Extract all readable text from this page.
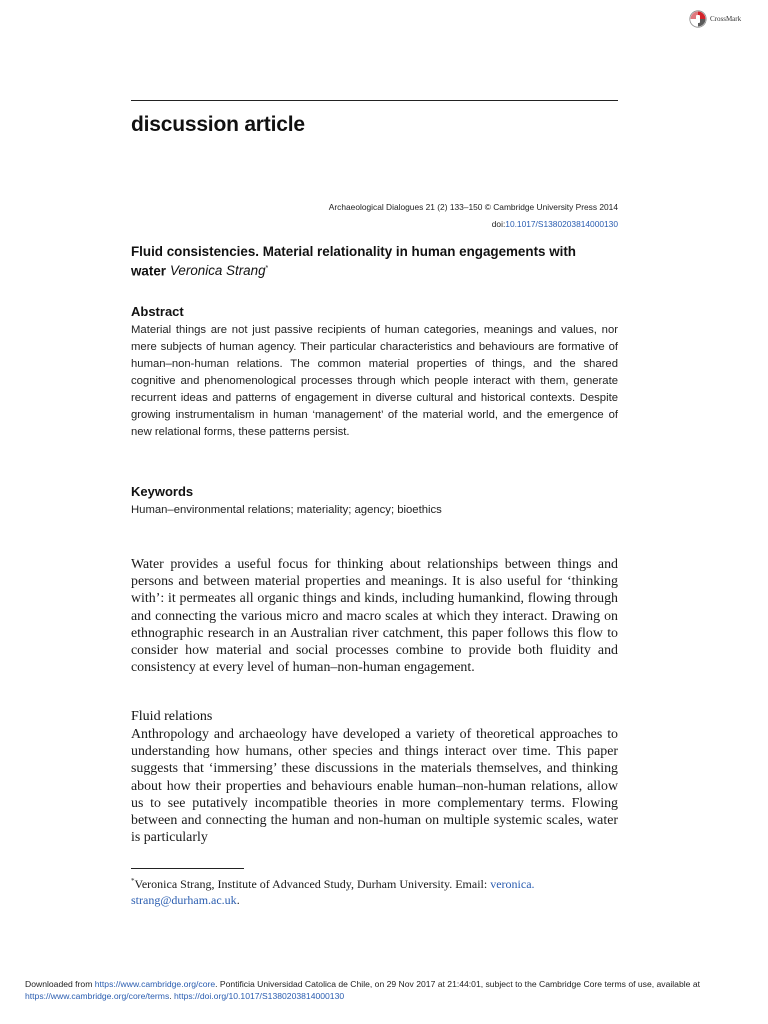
CrossMark
discussion article
Archaeological Dialogues 21 (2) 133–150 © Cambridge University Press 2014
doi:10.1017/S1380203814000130
Fluid consistencies. Material relationality in human engagements with water Veronica Strang*
Abstract
Material things are not just passive recipients of human categories, meanings and values, nor mere subjects of human agency. Their particular characteristics and behaviours are formative of human–non-human relations. The common material properties of things, and the shared cognitive and phenomenological processes through which people interact with them, generate recurrent ideas and patterns of engagement in diverse cultural and historical contexts. Despite growing instrumentalism in human ‘management’ of the material world, and the emergence of new relational forms, these patterns persist.
Keywords
Human–environmental relations; materiality; agency; bioethics
Water provides a useful focus for thinking about relationships between things and persons and between material properties and meanings. It is also useful for ‘thinking with’: it permeates all organic things and kinds, including humankind, flowing through and connecting the various micro and macro scales at which they interact. Drawing on ethnographic research in an Australian river catchment, this paper follows this flow to consider how material and social processes combine to provide both fluidity and consistency at every level of human–non-human engagement.
Fluid relations
Anthropology and archaeology have developed a variety of theoretical approaches to understanding how humans, other species and things interact over time. This paper suggests that ‘immersing’ these discussions in the materials themselves, and thinking about how their properties and behaviours enable human–non-human relations, allow us to see putatively incompatible theories in more complementary terms. Flowing between and connecting the human and non-human on multiple systemic scales, water is particularly
*Veronica Strang, Institute of Advanced Study, Durham University. Email: veronica. strang@durham.ac.uk.
Downloaded from https://www.cambridge.org/core. Pontificia Universidad Catolica de Chile, on 29 Nov 2017 at 21:44:01, subject to the Cambridge Core terms of use, available at https://www.cambridge.org/core/terms. https://doi.org/10.1017/S1380203814000130
